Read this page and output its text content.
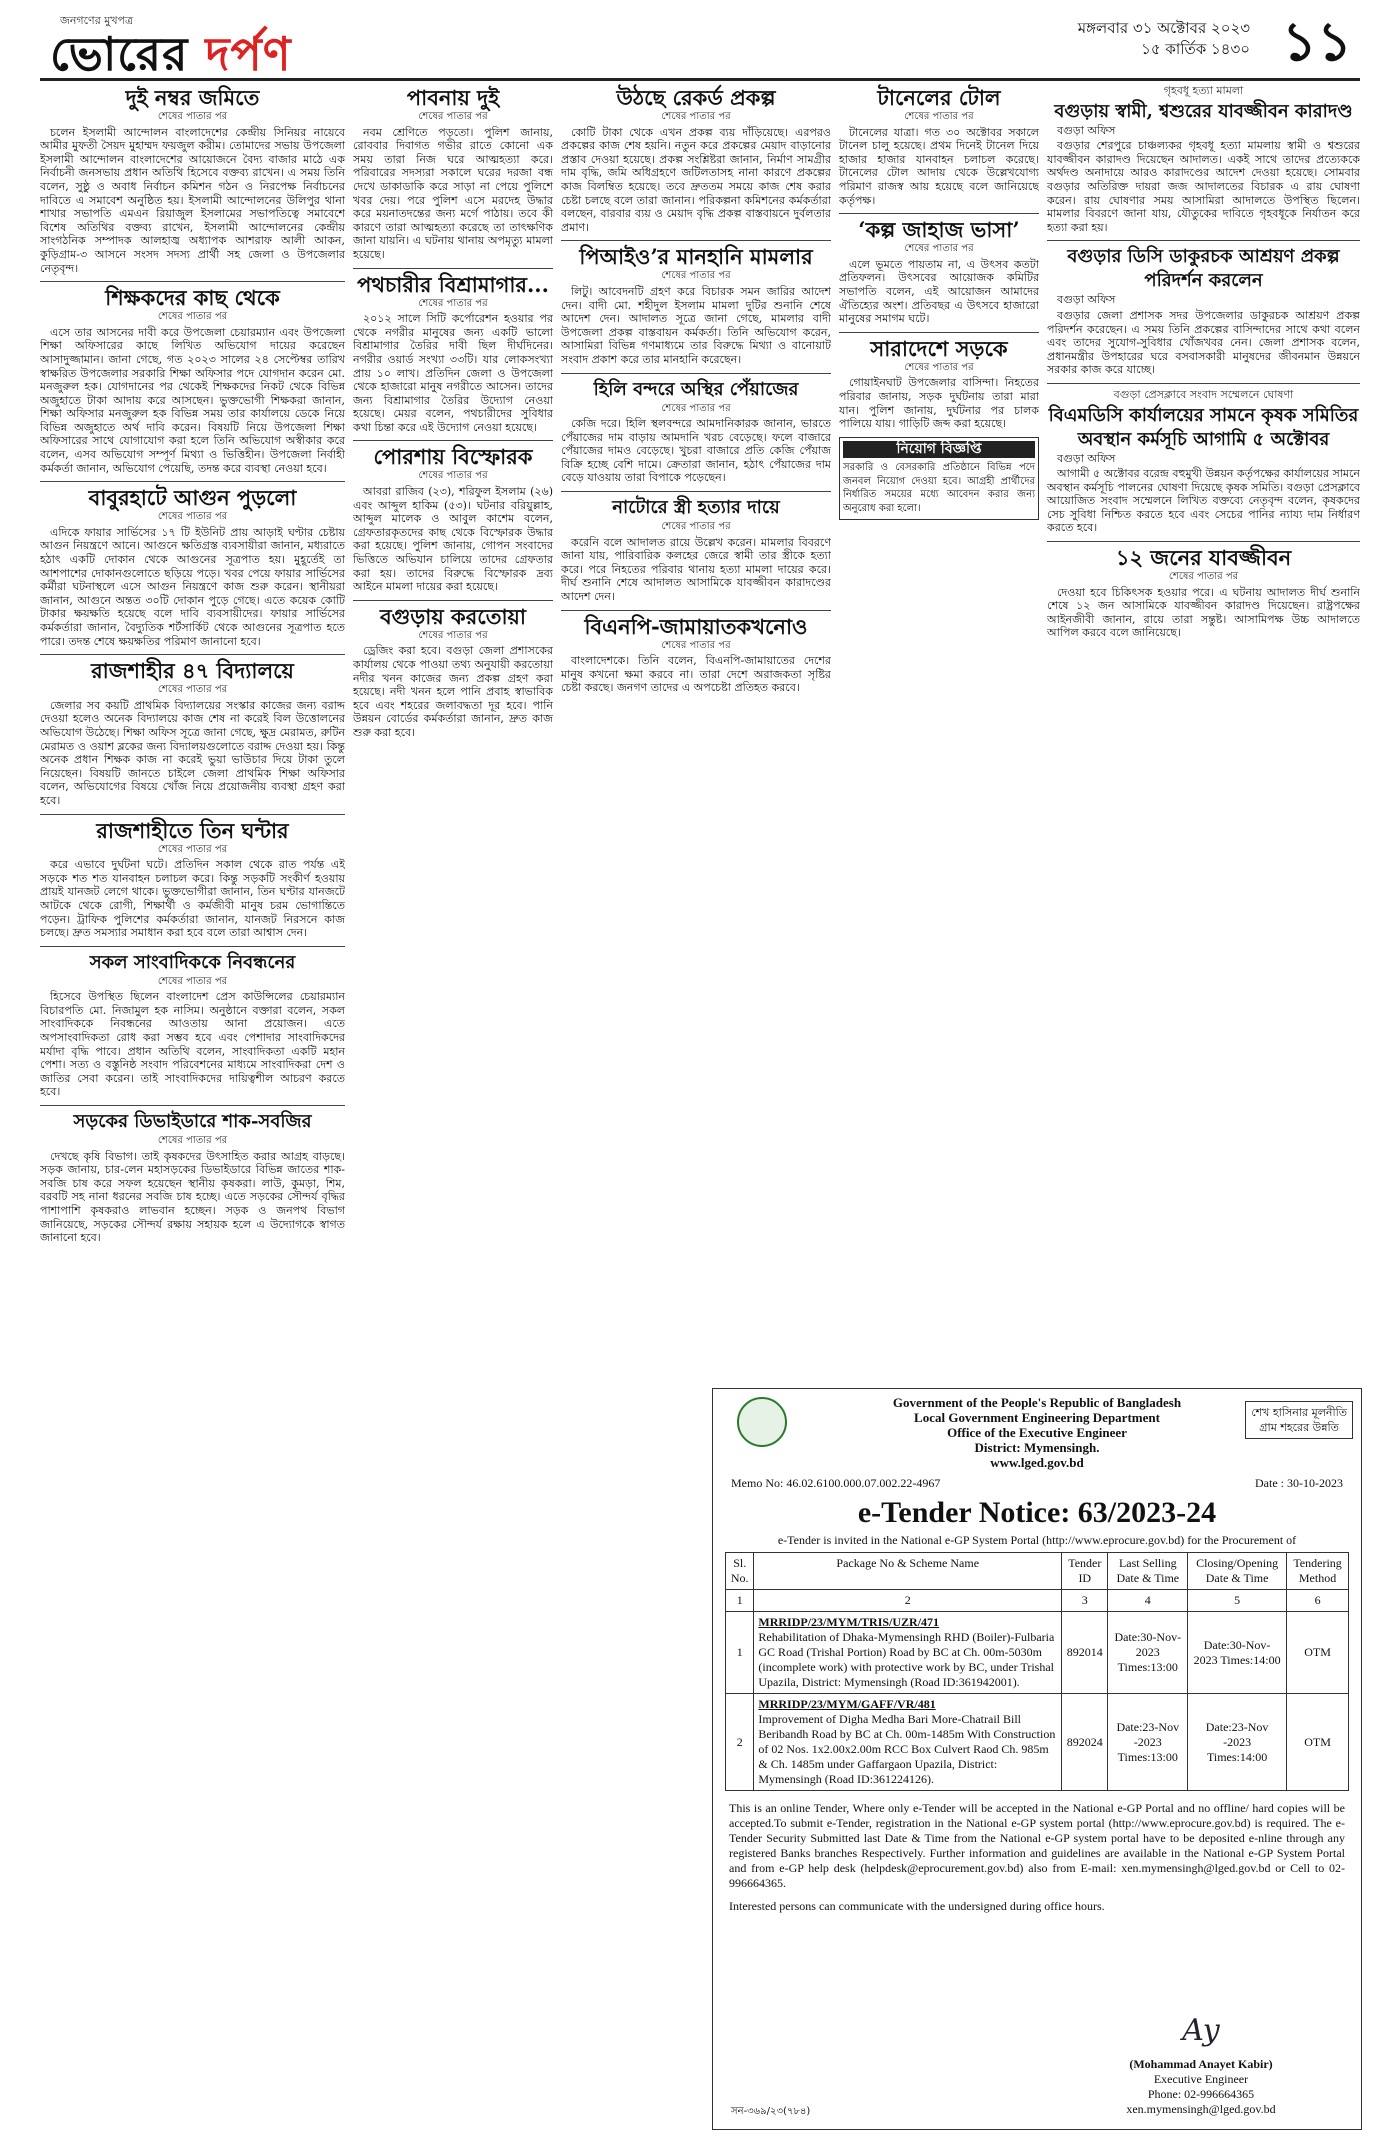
জনগণের মুখপত্র
ভোরের দর্পণ	মঙ্গলবার ৩১ অক্টোবর ২০২৩
১৫ কার্তিক ১৪৩০ ১১
দুই নম্বর জমিতে
শেষের পাতার পর

চলেন ইসলামী আন্দোলন বাংলাদেশের কেন্দ্রীয় সিনিয়র নায়েবে আমীর মুফতী সৈয়দ মুহাম্মদ ফয়জুল করীম। তোমাদের সভায় উপজেলা ইসলামী আন্দোলন বাংলাদেশের আয়োজনে বৈদ্য বাজার মাঠে এক নির্বাচনী জনসভায় প্রধান অতিথি হিসেবে বক্তব্য রাখেন। এ সময় তিনি বলেন, সুষ্ঠু ও অবাধ নির্বাচন কমিশন গঠন ও নিরপেক্ষ নির্বাচনের দাবিতে এ সমাবেশ অনুষ্ঠিত হয়। ইসলামী আন্দোলনের উলিপুর থানা শাখার সভাপতি এমএন রিয়াজুল ইসলামের সভাপতিত্বে সমাবেশে বিশেষ অতিথির বক্তব্য রাখেন, ইসলামী আন্দোলনের কেন্দ্রীয় সাংগঠনিক সম্পাদক আলহাজ্ব অধ্যাপক আশরাফ আলী আকন, কুড়িগ্রাম-৩ আসনে সংসদ সদস্য প্রার্থী সহ জেলা ও উপজেলার নেতৃবৃন্দ।

শিক্ষকদের কাছ থেকে
শেষের পাতার পর

এসে তার আসনের দাবী করে উপজেলা চেয়ারম্যান এবং উপজেলা শিক্ষা অফিসারের কাছে লিখিত অভিযোগ দায়ের করেছেন আসাদুজ্জামান। জানা গেছে, গত ২০২৩ সালের ২৪ সেপ্টেম্বর তারিখ স্বাক্ষরিত উপজেলার সরকারি শিক্ষা অফিসার পদে যোগদান করেন মো. মনজুরুল হক। যোগদানের পর থেকেই শিক্ষকদের নিকট থেকে বিভিন্ন অজুহাতে টাকা আদায় করে আসছেন। ভুক্তভোগী শিক্ষকরা জানান, শিক্ষা অফিসার মনজুরুল হক বিভিন্ন সময় তার কার্যালয়ে ডেকে নিয়ে বিভিন্ন অজুহাতে অর্থ দাবি করেন। বিষয়টি নিয়ে উপজেলা শিক্ষা অফিসারের সাথে যোগাযোগ করা হলে তিনি অভিযোগ অস্বীকার করে বলেন, এসব অভিযোগ সম্পূর্ণ মিথ্যা ও ভিত্তিহীন। উপজেলা নির্বাহী কর্মকর্তা জানান, অভিযোগ পেয়েছি, তদন্ত করে ব্যবস্থা নেওয়া হবে।

বাবুরহাটে আগুন পুড়লো
শেষের পাতার পর

এদিকে ফায়ার সার্ভিসের ১৭ টি ইউনিট প্রায় আড়াই ঘণ্টার চেষ্টায় আগুন নিয়ন্ত্রণে আনে। আগুনে ক্ষতিগ্রস্ত ব্যবসায়ীরা জানান, মধ্যরাতে হঠাৎ একটি দোকান থেকে আগুনের সূত্রপাত হয়। মুহূর্তেই তা আশপাশের দোকানগুলোতে ছড়িয়ে পড়ে। খবর পেয়ে ফায়ার সার্ভিসের কর্মীরা ঘটনাস্থলে এসে আগুন নিয়ন্ত্রণে কাজ শুরু করেন। স্থানীয়রা জানান, আগুনে অন্তত ৩০টি দোকান পুড়ে গেছে। এতে কয়েক কোটি টাকার ক্ষয়ক্ষতি হয়েছে বলে দাবি ব্যবসায়ীদের। ফায়ার সার্ভিসের কর্মকর্তারা জানান, বৈদ্যুতিক শর্টসার্কিট থেকে আগুনের সূত্রপাত হতে পারে। তদন্ত শেষে ক্ষয়ক্ষতির পরিমাণ জানানো হবে।

রাজশাহীর ৪৭ বিদ্যালয়ে
শেষের পাতার পর

জেলার সব কয়টি প্রাথমিক বিদ্যালয়ের সংস্কার কাজের জন্য বরাদ্দ দেওয়া হলেও অনেক বিদ্যালয়ে কাজ শেষ না করেই বিল উত্তোলনের অভিযোগ উঠেছে। শিক্ষা অফিস সূত্রে জানা গেছে, ক্ষুদ্র মেরামত, রুটিন মেরামত ও ওয়াশ ব্লকের জন্য বিদ্যালয়গুলোতে বরাদ্দ দেওয়া হয়। কিন্তু অনেক প্রধান শিক্ষক কাজ না করেই ভুয়া ভাউচার দিয়ে টাকা তুলে নিয়েছেন। বিষয়টি জানতে চাইলে জেলা প্রাথমিক শিক্ষা অফিসার বলেন, অভিযোগের বিষয়ে খোঁজ নিয়ে প্রয়োজনীয় ব্যবস্থা গ্রহণ করা হবে।

রাজশাহীতে তিন ঘন্টার
শেষের পাতার পর

করে এভাবে দুর্ঘটনা ঘটে। প্রতিদিন সকাল থেকে রাত পর্যন্ত এই সড়কে শত শত যানবাহন চলাচল করে। কিন্তু সড়কটি সংকীর্ণ হওয়ায় প্রায়ই যানজট লেগে থাকে। ভুক্তভোগীরা জানান, তিন ঘণ্টার যানজটে আটকে থেকে রোগী, শিক্ষার্থী ও কর্মজীবী মানুষ চরম ভোগান্তিতে পড়েন। ট্রাফিক পুলিশের কর্মকর্তারা জানান, যানজট নিরসনে কাজ চলছে। দ্রুত সমস্যার সমাধান করা হবে বলে তারা আশ্বাস দেন।

সকল সাংবাদিককে নিবন্ধনের
শেষের পাতার পর

হিসেবে উপস্থিত ছিলেন বাংলাদেশ প্রেস কাউন্সিলের চেয়ারম্যান বিচারপতি মো. নিজামুল হক নাসিম। অনুষ্ঠানে বক্তারা বলেন, সকল সাংবাদিককে নিবন্ধনের আওতায় আনা প্রয়োজন। এতে অপসাংবাদিকতা রোধ করা সম্ভব হবে এবং পেশাদার সাংবাদিকদের মর্যাদা বৃদ্ধি পাবে। প্রধান অতিথি বলেন, সাংবাদিকতা একটি মহান পেশা। সত্য ও বস্তুনিষ্ঠ সংবাদ পরিবেশনের মাধ্যমে সাংবাদিকরা দেশ ও জাতির সেবা করেন। তাই সাংবাদিকদের দায়িত্বশীল আচরণ করতে হবে।

সড়কের ডিভাইডারে শাক-সবজির
শেষের পাতার পর

দেখছে কৃষি বিভাগ। তাই কৃষকদের উৎসাহিত করার আগ্রহ বাড়ছে। সড়ক জানায়, চার-লেন মহাসড়কের ডিভাইডারে বিভিন্ন জাতের শাক-সবজি চাষ করে সফল হয়েছেন স্থানীয় কৃষকরা। লাউ, কুমড়া, শিম, বরবটি সহ নানা ধরনের সবজি চাষ হচ্ছে। এতে সড়কের সৌন্দর্য বৃদ্ধির পাশাপাশি কৃষকরাও লাভবান হচ্ছেন। সড়ক ও জনপথ বিভাগ জানিয়েছে, সড়কের সৌন্দর্য রক্ষায় সহায়ক হলে এ উদ্যোগকে স্বাগত জানানো হবে।

পাবনায় দুই
শেষের পাতার পর

নবম শ্রেণিতে পড়তো। পুলিশ জানায়, রোববার দিবাগত গভীর রাতে কোনো এক সময় তারা নিজ ঘরে আত্মহত্যা করে। পরিবারের সদস্যরা সকালে ঘরের দরজা বন্ধ দেখে ডাকাডাকি করে সাড়া না পেয়ে পুলিশে খবর দেয়। পরে পুলিশ এসে মরদেহ উদ্ধার করে ময়নাতদন্তের জন্য মর্গে পাঠায়। তবে কী কারণে তারা আত্মহত্যা করেছে তা তাৎক্ষণিক জানা যায়নি। এ ঘটনায় থানায় অপমৃত্যু মামলা হয়েছে।

পথচারীর বিশ্রামাগার...
শেষের পাতার পর

২০১২ সালে সিটি কর্পোরেশন হওয়ার পর থেকে নগরীর মানুষের জন্য একটি ভালো বিশ্রামাগার তৈরির দাবী ছিল দীর্ঘদিনের। নগরীর ওয়ার্ড সংখ্যা ৩৩টি। যার লোকসংখ্যা প্রায় ১০ লাখ। প্রতিদিন জেলা ও উপজেলা থেকে হাজারো মানুষ নগরীতে আসেন। তাদের জন্য বিশ্রামাগার তৈরির উদ্যোগ নেওয়া হয়েছে। মেয়র বলেন, পথচারীদের সুবিধার কথা চিন্তা করে এই উদ্যোগ নেওয়া হয়েছে।

পোরশায় বিস্ফোরক
শেষের পাতার পর

আবরা রাজিব (২৩), শরিফুল ইসলাম (২৬) এবং আব্দুল হাকিম (৫৩)। ঘটনার বরিয়ুল্লাহ, আব্দুল মালেক ও আবুল কাশেম বলেন, গ্রেফতারকৃতদের কাছ থেকে বিস্ফোরক উদ্ধার করা হয়েছে। পুলিশ জানায়, গোপন সংবাদের ভিত্তিতে অভিযান চালিয়ে তাদের গ্রেফতার করা হয়। তাদের বিরুদ্ধে বিস্ফোরক দ্রব্য আইনে মামলা দায়ের করা হয়েছে।

বগুড়ায় করতোয়া
শেষের পাতার পর

ড্রেজিং করা হবে। বগুড়া জেলা প্রশাসকের কার্যালয় থেকে পাওয়া তথ্য অনুযায়ী করতোয়া নদীর খনন কাজের জন্য প্রকল্প গ্রহণ করা হয়েছে। নদী খনন হলে পানি প্রবাহ স্বাভাবিক হবে এবং শহরের জলাবদ্ধতা দূর হবে। পানি উন্নয়ন বোর্ডের কর্মকর্তারা জানান, দ্রুত কাজ শুরু করা হবে।

উঠছে রেকর্ড প্রকল্প
শেষের পাতার পর

কোটি টাকা থেকে এখন প্রকল্প ব্যয় দাঁড়িয়েছে। এরপরও প্রকল্পের কাজ শেষ হয়নি। নতুন করে প্রকল্পের মেয়াদ বাড়ানোর প্রস্তাব দেওয়া হয়েছে। প্রকল্প সংশ্লিষ্টরা জানান, নির্মাণ সামগ্রীর দাম বৃদ্ধি, জমি অধিগ্রহণে জটিলতাসহ নানা কারণে প্রকল্পের কাজ বিলম্বিত হয়েছে। তবে দ্রুততম সময়ে কাজ শেষ করার চেষ্টা চলছে বলে তারা জানান। পরিকল্পনা কমিশনের কর্মকর্তারা বলছেন, বারবার ব্যয় ও মেয়াদ বৃদ্ধি প্রকল্প বাস্তবায়নে দুর্বলতার প্রমাণ।

পিআইও’র মানহানি মামলার
শেষের পাতার পর

লিটু। আবেদনটি গ্রহণ করে বিচারক সমন জারির আদেশ দেন। বাদী মো. শহীদুল ইসলাম মামলা দুটির শুনানি শেষে আদেশ দেন। আদালত সূত্রে জানা গেছে, মামলার বাদী উপজেলা প্রকল্প বাস্তবায়ন কর্মকর্তা। তিনি অভিযোগ করেন, আসামিরা বিভিন্ন গণমাধ্যমে তার বিরুদ্ধে মিথ্যা ও বানোয়াট সংবাদ প্রকাশ করে তার মানহানি করেছেন।

হিলি বন্দরে অস্থির পেঁয়াজের
শেষের পাতার পর

কেজি দরে। হিলি স্থলবন্দরে আমদানিকারক জানান, ভারতে পেঁয়াজের দাম বাড়ায় আমদানি খরচ বেড়েছে। ফলে বাজারে পেঁয়াজের দামও বেড়েছে। খুচরা বাজারে প্রতি কেজি পেঁয়াজ বিক্রি হচ্ছে বেশি দামে। ক্রেতারা জানান, হঠাৎ পেঁয়াজের দাম বেড়ে যাওয়ায় তারা বিপাকে পড়েছেন।

নাটোরে স্ত্রী হত্যার দায়ে
শেষের পাতার পর

করেনি বলে আদালত রায়ে উল্লেখ করেন। মামলার বিবরণে জানা যায়, পারিবারিক কলহের জেরে স্বামী তার স্ত্রীকে হত্যা করে। পরে নিহতের পরিবার থানায় হত্যা মামলা দায়ের করে। দীর্ঘ শুনানি শেষে আদালত আসামিকে যাবজ্জীবন কারাদণ্ডের আদেশ দেন।

বিএনপি-জামায়াতকখনোও
শেষের পাতার পর

বাংলাদেশকে। তিনি বলেন, বিএনপি-জামায়াতের দেশের মানুষ কখনো ক্ষমা করবে না। তারা দেশে অরাজকতা সৃষ্টির চেষ্টা করছে। জনগণ তাদের এ অপচেষ্টা প্রতিহত করবে।

টানেলের টোল
শেষের পাতার পর

টানেলের যাত্রা। গত ৩০ অক্টোবর সকালে টানেল চালু হয়েছে। প্রথম দিনেই টানেল দিয়ে হাজার হাজার যানবাহন চলাচল করেছে। টানেলের টোল আদায় থেকে উল্লেখযোগ্য পরিমাণ রাজস্ব আয় হয়েছে বলে জানিয়েছে কর্তৃপক্ষ।

‘কল্প জাহাজ ভাসা’
শেষের পাতার পর

এলে ভূমতে পায়তাম না, এ উৎসব কতটা প্রতিফলন। উৎসবের আয়োজক কমিটির সভাপতি বলেন, এই আয়োজন আমাদের ঐতিহ্যের অংশ। প্রতিবছর এ উৎসবে হাজারো মানুষের সমাগম ঘটে।

সারাদেশে সড়কে
শেষের পাতার পর

গোয়াইনঘাট উপজেলার বাসিন্দা। নিহতের পরিবার জানায়, সড়ক দুর্ঘটনায় তারা মারা যান। পুলিশ জানায়, দুর্ঘটনার পর চালক পালিয়ে যায়। গাড়িটি জব্দ করা হয়েছে।

নিয়োগ বিজ্ঞপ্তি
সরকারি ও বেসরকারি প্রতিষ্ঠানে বিভিন্ন পদে জনবল নিয়োগ দেওয়া হবে। আগ্রহী প্রার্থীদের নির্ধারিত সময়ের মধ্যে আবেদন করার জন্য অনুরোধ করা হলো।
গৃহবধূ হত্যা মামলা
বগুড়ায় স্বামী, শ্বশুরের যাবজ্জীবন কারাদণ্ড

বগুড়া অফিস

বগুড়ার শেরপুরে চাঞ্চল্যকর গৃহবধূ হত্যা মামলায় স্বামী ও শ্বশুরের যাবজ্জীবন কারাদণ্ড দিয়েছেন আদালত। একই সাথে তাদের প্রত্যেককে অর্থদণ্ড অনাদায়ে আরও কারাদণ্ডের আদেশ দেওয়া হয়েছে। সোমবার বগুড়ার অতিরিক্ত দায়রা জজ আদালতের বিচারক এ রায় ঘোষণা করেন। রায় ঘোষণার সময় আসামিরা আদালতে উপস্থিত ছিলেন। মামলার বিবরণে জানা যায়, যৌতুকের দাবিতে গৃহবধূকে নির্যাতন করে হত্যা করা হয়।

বগুড়ার ডিসি ডাকুরচক আশ্রয়ণ প্রকল্প পরিদর্শন করলেন

বগুড়া অফিস

বগুড়ার জেলা প্রশাসক সদর উপজেলার ডাকুরচক আশ্রয়ণ প্রকল্প পরিদর্শন করেছেন। এ সময় তিনি প্রকল্পের বাসিন্দাদের সাথে কথা বলেন এবং তাদের সুযোগ-সুবিধার খোঁজখবর নেন। জেলা প্রশাসক বলেন, প্রধানমন্ত্রীর উপহারের ঘরে বসবাসকারী মানুষদের জীবনমান উন্নয়নে সরকার কাজ করে যাচ্ছে।

বগুড়া প্রেসক্লাবে সংবাদ সম্মেলনে ঘোষণা
বিএমডিসি কার্যালয়ের সামনে কৃষক সমিতির অবস্থান কর্মসূচি আগামি ৫ অক্টোবর

বগুড়া অফিস

আগামী ৫ অক্টোবর বরেন্দ্র বহুমুখী উন্নয়ন কর্তৃপক্ষের কার্যালয়ের সামনে অবস্থান কর্মসূচি পালনের ঘোষণা দিয়েছে কৃষক সমিতি। বগুড়া প্রেসক্লাবে আয়োজিত সংবাদ সম্মেলনে লিখিত বক্তব্যে নেতৃবৃন্দ বলেন, কৃষকদের সেচ সুবিধা নিশ্চিত করতে হবে এবং সেচের পানির ন্যায্য দাম নির্ধারণ করতে হবে।

১২ জনের যাবজ্জীবন
শেষের পাতার পর

দেওয়া হবে চিকিৎসক হওয়ার পরে। এ ঘটনায় আদালত দীর্ঘ শুনানি শেষে ১২ জন আসামিকে যাবজ্জীবন কারাদণ্ড দিয়েছেন। রাষ্ট্রপক্ষের আইনজীবী জানান, রায়ে তারা সন্তুষ্ট। আসামিপক্ষ উচ্চ আদালতে আপিল করবে বলে জানিয়েছে।

শেখ হাসিনার মূলনীতি
গ্রাম শহরের উন্নতি
Government of the People's Republic of Bangladesh
Local Government Engineering Department
Office of the Executive Engineer
District: Mymensingh.
www.lged.gov.bd
Memo No: 46.02.6100.000.07.002.22-4967	Date : 30-10-2023
e-Tender Notice: 63/2023-24
e-Tender is invited in the National e-GP System Portal (http://www.eprocure.gov.bd) for the Procurement of
Sl. No.	Package No & Scheme Name	Tender ID	Last Selling Date & Time	Closing/Opening Date & Time	Tendering Method
1	2	3	4	5	6
1	MRRIDP/23/MYM/TRIS/UZR/471
Rehabilitation of Dhaka-Mymensingh RHD (Boiler)-Fulbaria GC Road (Trishal Portion) Road by BC at Ch. 00m-5030m (incomplete work) with protective work by BC, under Trishal Upazila, District: Mymensingh (Road ID:361942001).	892014	Date:30-Nov-2023 Times:13:00	Date:30-Nov-2023 Times:14:00	OTM
2	MRRIDP/23/MYM/GAFF/VR/481
Improvement of Digha Medha Bari More-Chatrail Bill Beribandh Road by BC at Ch. 00m-1485m With Construction of 02 Nos. 1x2.00x2.00m RCC Box Culvert Raod Ch. 985m & Ch. 1485m under Gaffargaon Upazila, District: Mymensingh (Road ID:361224126).	892024	Date:23-Nov -2023 Times:13:00	Date:23-Nov -2023 Times:14:00	OTM

This is an online Tender, Where only e-Tender will be accepted in the National e-GP Portal and no offline/ hard copies will be accepted.To submit e-Tender, registration in the National e-GP system portal (http://www.eprocure.gov.bd) is required. The e-Tender Security Submitted last Date & Time from the National e-GP system portal have to be deposited e-nline through any registered Banks branches Respectively. Further information and guidelines are available in the National e-GP System Portal and from e-GP help desk (helpdesk@eprocurement.gov.bd) also from E-mail: xen.mymensingh@lged.gov.bd or Cell to 02-996664365.

Interested persons can communicate with the undersigned during office hours.

Ay
(Mohammad Anayet Kabir)
Executive Engineer
Phone: 02-996664365
xen.mymensingh@lged.gov.bd
সন-৩৬৯/২৩(৭৮৪)
